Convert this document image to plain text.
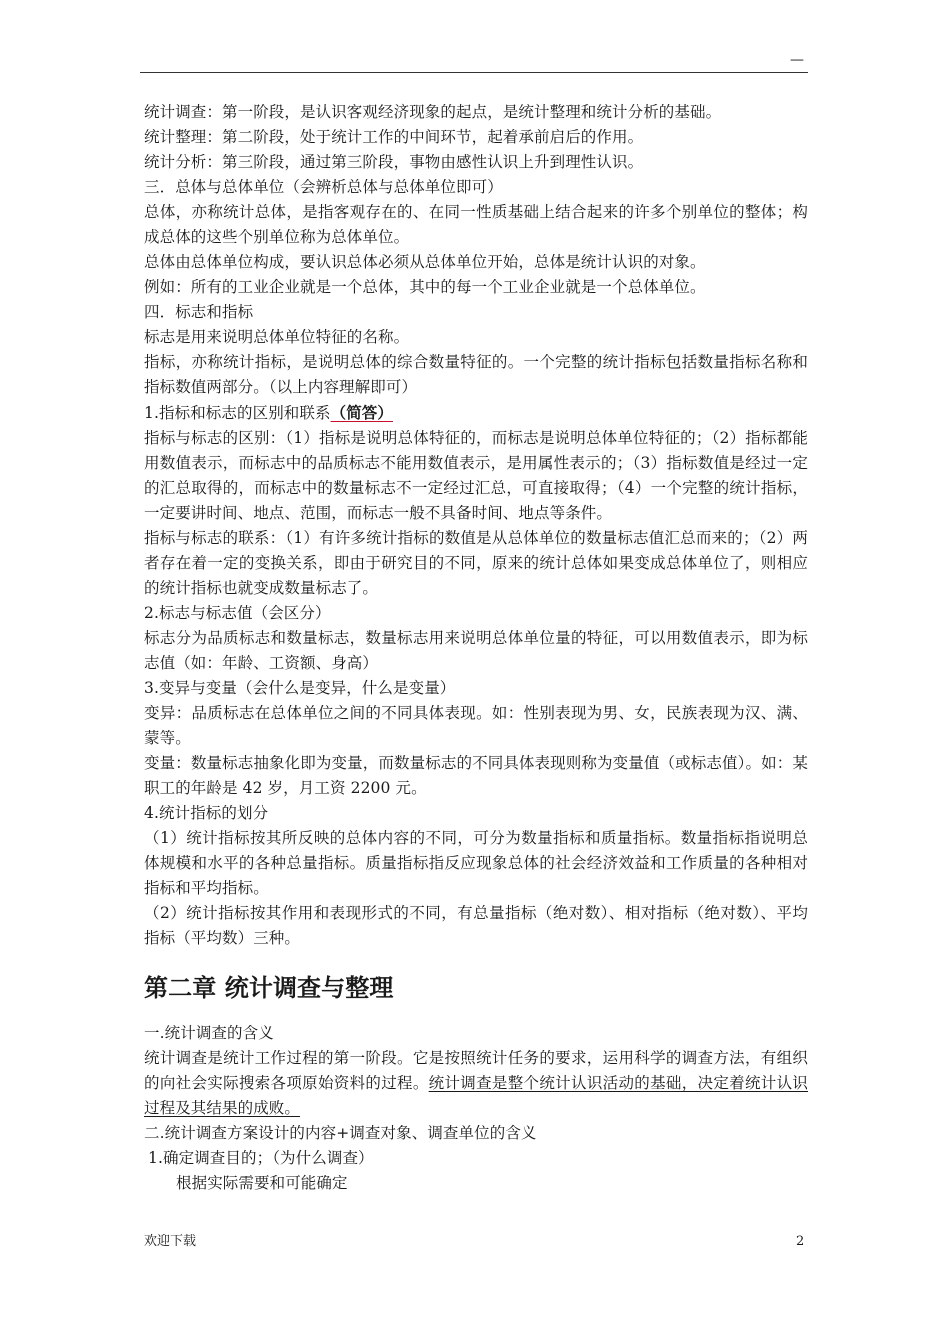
—

统计调查：第一阶段，是认识客观经济现象的起点，是统计整理和统计分析的基础。

统计整理：第二阶段，处于统计工作的中间环节，起着承前启后的作用。

统计分析：第三阶段，通过第三阶段，事物由感性认识上升到理性认识。

三．总体与总体单位（会辨析总体与总体单位即可）

总体，亦称统计总体，是指客观存在的、在同一性质基础上结合起来的许多个别单位的整体；构成总体的这些个别单位称为总体单位。

总体由总体单位构成，要认识总体必须从总体单位开始，总体是统计认识的对象。

例如：所有的工业企业就是一个总体，其中的每一个工业企业就是一个总体单位。

四．标志和指标

标志是用来说明总体单位特征的名称。

指标，亦称统计指标，是说明总体的综合数量特征的。一个完整的统计指标包括数量指标名称和指标数值两部分。（以上内容理解即可）

1.指标和标志的区别和联系（简答）

指标与标志的区别：（1）指标是说明总体特征的，而标志是说明总体单位特征的；（2）指标都能用数值表示，而标志中的品质标志不能用数值表示，是用属性表示的；（3）指标数值是经过一定的汇总取得的，而标志中的数量标志不一定经过汇总，可直接取得；（4）一个完整的统计指标，一定要讲时间、地点、范围，而标志一般不具备时间、地点等条件。

指标与标志的联系：（1）有许多统计指标的数值是从总体单位的数量标志值汇总而来的；（2）两者存在着一定的变换关系，即由于研究目的不同，原来的统计总体如果变成总体单位了，则相应的统计指标也就变成数量标志了。

2.标志与标志值（会区分）

标志分为品质标志和数量标志，数量标志用来说明总体单位量的特征，可以用数值表示，即为标志值（如：年龄、工资额、身高）

3.变异与变量（会什么是变异，什么是变量）

变异：品质标志在总体单位之间的不同具体表现。如：性别表现为男、女，民族表现为汉、满、蒙等。

变量：数量标志抽象化即为变量，而数量标志的不同具体表现则称为变量值（或标志值）。如：某职工的年龄是 42 岁，月工资 2200 元。

4.统计指标的划分

（1）统计指标按其所反映的总体内容的不同，可分为数量指标和质量指标。数量指标指说明总体规模和水平的各种总量指标。质量指标指反应现象总体的社会经济效益和工作质量的各种相对指标和平均指标。

（2）统计指标按其作用和表现形式的不同，有总量指标（绝对数）、相对指标（绝对数）、平均指标（平均数）三种。

第二章 统计调查与整理

一.统计调查的含义

统计调查是统计工作过程的第一阶段。它是按照统计任务的要求，运用科学的调查方法，有组织的向社会实际搜索各项原始资料的过程。统计调查是整个统计认识活动的基础，决定着统计认识过程及其结果的成败。

二.统计调查方案设计的内容+调查对象、调查单位的含义

1.确定调查目的；（为什么调查）

根据实际需要和可能确定

欢迎下载	2
